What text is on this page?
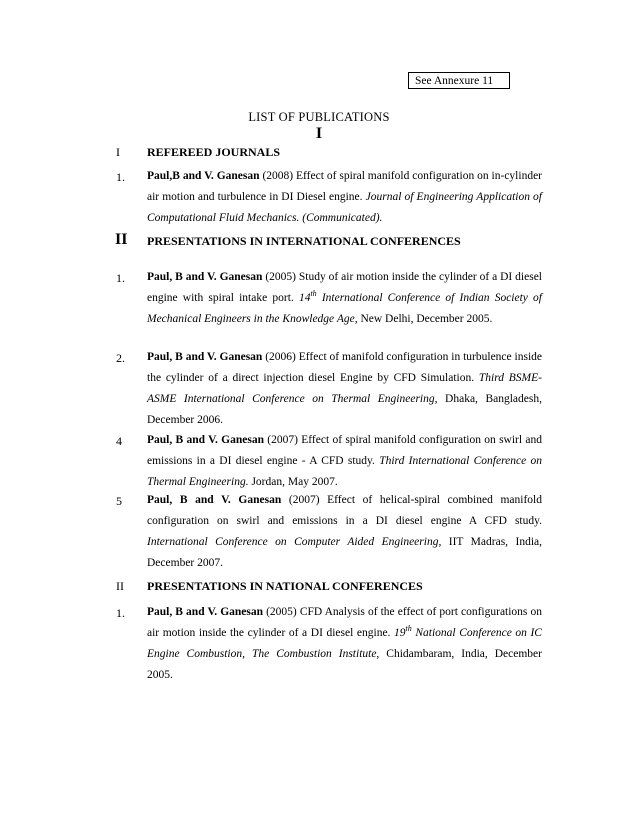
See Annexure 11
LIST OF PUBLICATIONS
I
I REFEREED JOURNALS
1. Paul,B and V. Ganesan (2008) Effect of spiral manifold configuration on in-cylinder air motion and turbulence in DI Diesel engine. Journal of Engineering Application of Computational Fluid Mechanics. (Communicated).
II PRESENTATIONS IN INTERNATIONAL CONFERENCES
1. Paul, B and V. Ganesan (2005) Study of air motion inside the cylinder of a DI diesel engine with spiral intake port. 14th International Conference of Indian Society of Mechanical Engineers in the Knowledge Age, New Delhi, December 2005.
2. Paul, B and V. Ganesan (2006) Effect of manifold configuration in turbulence inside the cylinder of a direct injection diesel Engine by CFD Simulation. Third BSME-ASME International Conference on Thermal Engineering, Dhaka, Bangladesh, December 2006.
4 Paul, B and V. Ganesan (2007) Effect of spiral manifold configuration on swirl and emissions in a DI diesel engine - A CFD study. Third International Conference on Thermal Engineering. Jordan, May 2007.
5 Paul, B and V. Ganesan (2007) Effect of helical-spiral combined manifold configuration on swirl and emissions in a DI diesel engine A CFD study. International Conference on Computer Aided Engineering, IIT Madras, India, December 2007.
II PRESENTATIONS IN NATIONAL CONFERENCES
1. Paul, B and V. Ganesan (2005) CFD Analysis of the effect of port configurations on air motion inside the cylinder of a DI diesel engine. 19th National Conference on IC Engine Combustion, The Combustion Institute, Chidambaram, India, December 2005.
